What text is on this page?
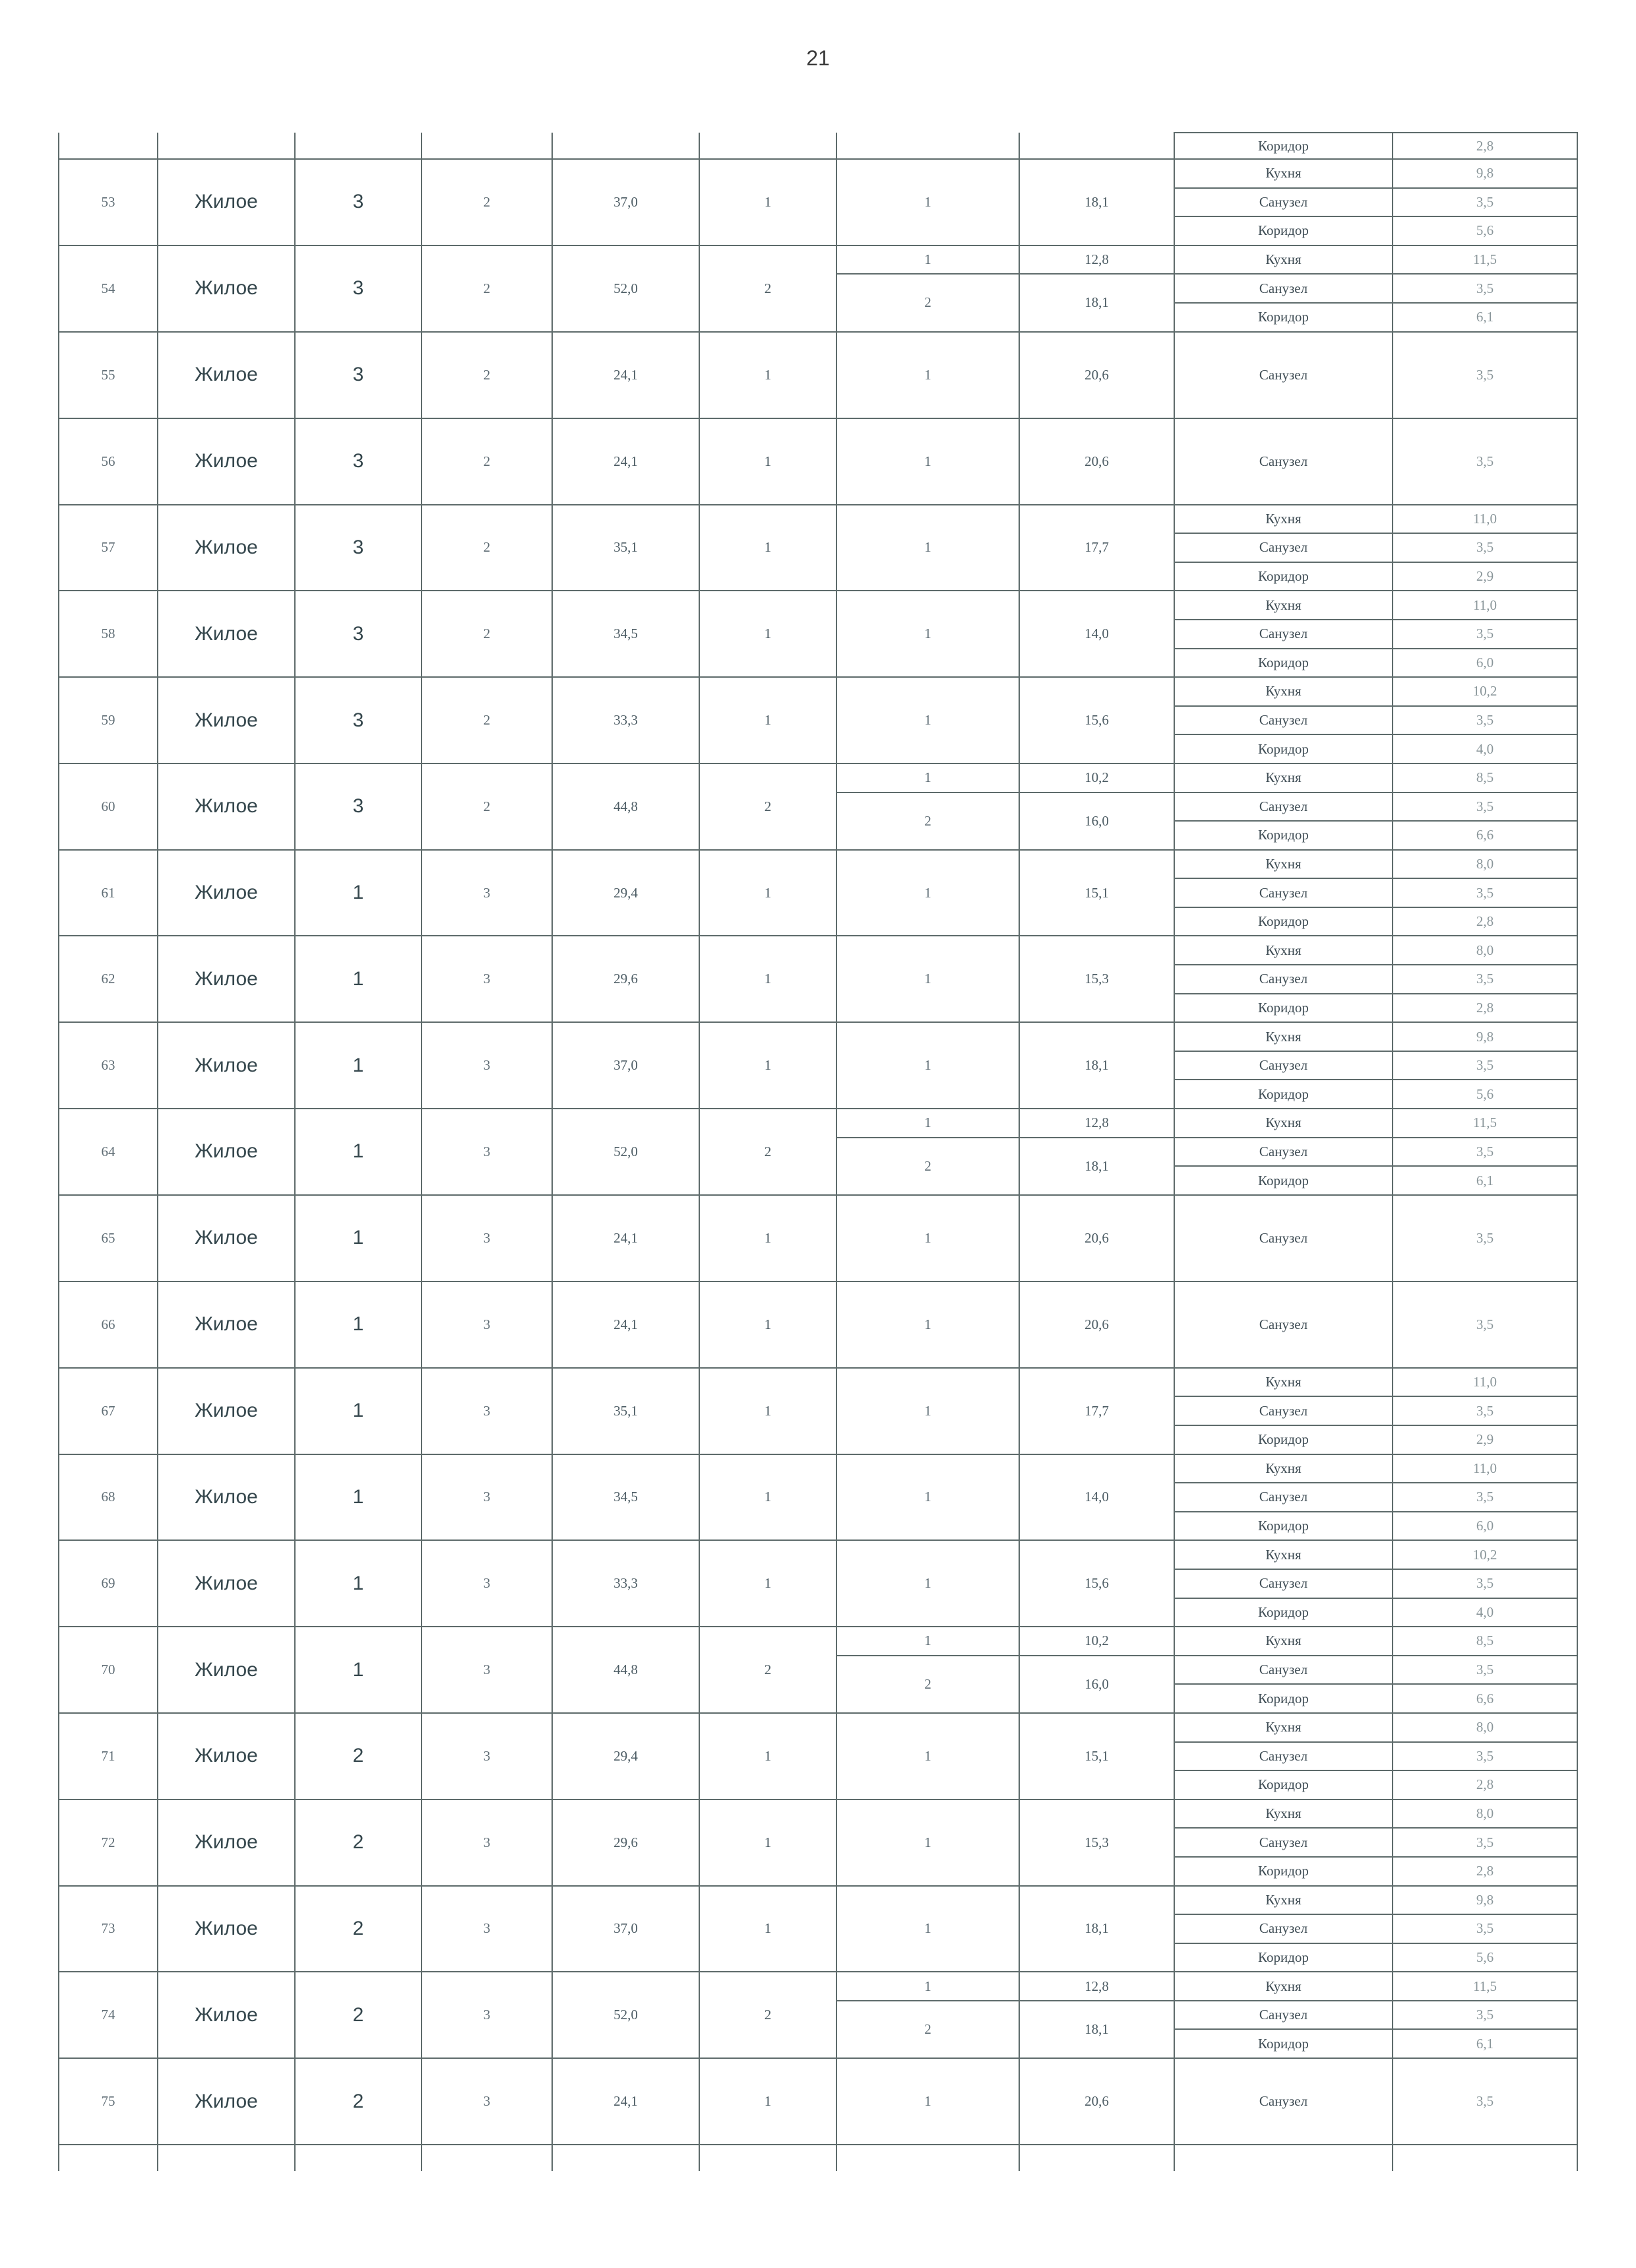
21
								Коридор	2,8
53	Жилое	3	2	37,0	1	1	18,1	Кухня	9,8
								Санузел	3,5
								Коридор	5,6
54	Жилое	3	2	52,0	2	1	12,8	Кухня	11,5
						2	18,1	Санузел	3,5
								Коридор	6,1
55	Жилое	3	2	24,1	1	1	20,6	Санузел	3,5
56	Жилое	3	2	24,1	1	1	20,6	Санузел	3,5
57	Жилое	3	2	35,1	1	1	17,7	Кухня	11,0
								Санузел	3,5
								Коридор	2,9
58	Жилое	3	2	34,5	1	1	14,0	Кухня	11,0
								Санузел	3,5
								Коридор	6,0
59	Жилое	3	2	33,3	1	1	15,6	Кухня	10,2
								Санузел	3,5
								Коридор	4,0
60	Жилое	3	2	44,8	2	1	10,2	Кухня	8,5
						2	16,0	Санузел	3,5
								Коридор	6,6
61	Жилое	1	3	29,4	1	1	15,1	Кухня	8,0
								Санузел	3,5
								Коридор	2,8
62	Жилое	1	3	29,6	1	1	15,3	Кухня	8,0
								Санузел	3,5
								Коридор	2,8
63	Жилое	1	3	37,0	1	1	18,1	Кухня	9,8
								Санузел	3,5
								Коридор	5,6
64	Жилое	1	3	52,0	2	1	12,8	Кухня	11,5
						2	18,1	Санузел	3,5
								Коридор	6,1
65	Жилое	1	3	24,1	1	1	20,6	Санузел	3,5
66	Жилое	1	3	24,1	1	1	20,6	Санузел	3,5
67	Жилое	1	3	35,1	1	1	17,7	Кухня	11,0
								Санузел	3,5
								Коридор	2,9
68	Жилое	1	3	34,5	1	1	14,0	Кухня	11,0
								Санузел	3,5
								Коридор	6,0
69	Жилое	1	3	33,3	1	1	15,6	Кухня	10,2
								Санузел	3,5
								Коридор	4,0
70	Жилое	1	3	44,8	2	1	10,2	Кухня	8,5
						2	16,0	Санузел	3,5
								Коридор	6,6
71	Жилое	2	3	29,4	1	1	15,1	Кухня	8,0
								Санузел	3,5
								Коридор	2,8
72	Жилое	2	3	29,6	1	1	15,3	Кухня	8,0
								Санузел	3,5
								Коридор	2,8
73	Жилое	2	3	37,0	1	1	18,1	Кухня	9,8
								Санузел	3,5
								Коридор	5,6
74	Жилое	2	3	52,0	2	1	12,8	Кухня	11,5
						2	18,1	Санузел	3,5
								Коридор	6,1
75	Жилое	2	3	24,1	1	1	20,6	Санузел	3,5
